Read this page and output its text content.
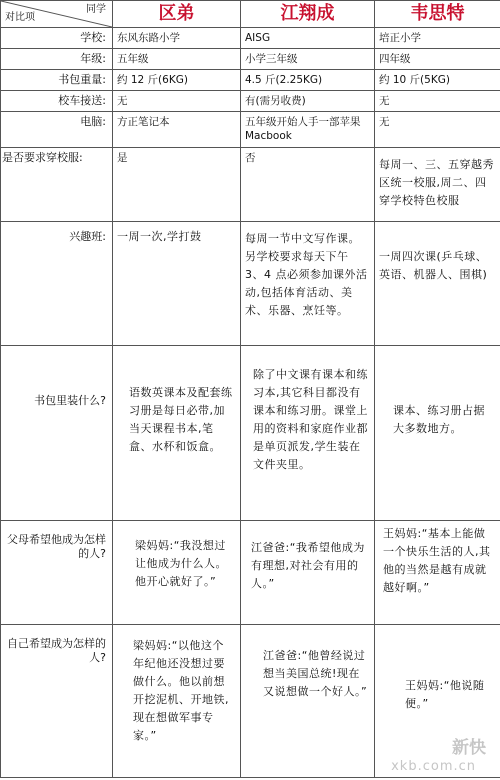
同学
对比项	区弟	江翔成	韦思特
学校:	东风东路小学	AISG	培正小学
年级:	五年级	小学三年级	四年级
书包重量:	约 12 斤(6KG)	4.5 斤(2.25KG)	约 10 斤(5KG)
校车接送:	无	有(需另收费)	无
电脑:	方正笔记本	五年级开始人手一部苹果 Macbook	无
是否要求穿校服:	是	否	每周一、三、五穿越秀区统一校服,周二、四穿学校特色校服
兴趣班:	一周一次,学打鼓	每周一节中文写作课。另学校要求每天下午 3、4 点必须参加课外活动,包括体育活动、美术、乐器、烹饪等。	一周四次课(乒乓球、英语、机器人、围棋)
书包里装什么?	语数英课本及配套练习册是每日必带,加当天课程书本,笔盒、水杯和饭盒。	除了中文课有课本和练习本,其它科目都没有课本和练习册。课堂上用的资料和家庭作业都是单页派发,学生装在文件夹里。	课本、练习册占据大多数地方。
父母希望他成为怎样的人?	梁妈妈:“我没想过让他成为什么人。他开心就好了。”	江爸爸:“我希望他成为有理想,对社会有用的人。”	王妈妈:“基本上能做一个快乐生活的人,其他的当然是越有成就越好啊。”
自己希望成为怎样的人?	梁妈妈:“以他这个年纪他还没想过要做什么。他以前想开挖泥机、开地铁,现在想做军事专家。”	江爸爸:“他曾经说过想当美国总统!现在又说想做一个好人。”	王妈妈:“他说随便。”
新快
xkb.com.cn
